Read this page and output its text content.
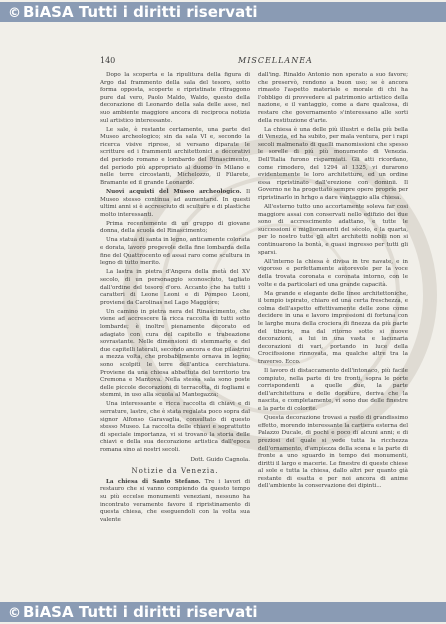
© BiASA Tutti i diritti riservati
140	MISCELLANEA

Dopo la scoperta e la ripulitura della figura di Argo dal frammento della sala del tesoro, sotto forma opposta, scoperte e ripristinate ritraggono pure dal vero, Paolo Maldo, Waldo, questo della decorazione di Leonardo della sala delle asse, nel suo ambiente maggiore ancora di reciproca notizia sul artistico interessante.

Le sale, è restante certamente, una parte del Museo archeologico; sin da sala VI e, secondo la ricerca visive riprese, si versano diparate le scritture ed i frammenti architettonici e decorativi del periodo romano e lombardo del Rinascimento, del periodo più appropriato al duomo in Milano e nelle terre circostanti, Michelozzo, il Filarete, Bramante ed il grande Leonardo.

Nuovi acquisti del Museo archeologico. Il Museo stesso continua ad aumentarsi. In questi ultimi anni si è accresciuto di sculture e di plastiche molto interessanti.

Prima recentemente di un gruppo di giovane donna, della scuola del Rinascimento;

Una statua di santa in legno, anticamente colorata e dorata, lavoro pregevole della fine lombarda della fine del Quattrocento ed assai raro come scultura in legno di tutto merito.

La lastra in pietra d'Angera della metà del XV secolo, di un personaggio sconosciuto, tagliato dall'ordine del tesoro d'oro. Accanto che ha tutti i caratteri di Leone Leoni e di Pompeo Leoni, proviene da Carolinas nel Lago Maggiore;

Un camino in pietra nera del Rinascimento, che viene ad accrescere la ricca raccolta di tutti sotto lombarde; è inoltre pienamente decorato ed adagiato con cura del capitello e trabeazione sovrastante. Nelle dimensioni di stemmario e del due capitelli laterali, secondo ancora e due pilastrini a mezza volta, che probabilmente ornava in legno; sono scolpiti le terre dell'antica cerchiatura. Proviene da una chiesa abbattuta del territorio tra Cremona e Mantova. Nella stessa sala sono poste delle piccole decorazioni di terracotta, di fogliami e stemmi, in uso alla scuola al Mantegazza;

Una interessante e ricca raccolta di chiavi e di serrature, lastre, che è stata regalata poco sopra dal signor Alfonso Garavaglia, consultato di questo stesso Museo. La raccolta delle chiavi e soprattutto di speciale importanza, vi si trovano la storia delle chiavi e della sua decorazione artistica dall'epoca romana sino ai nostri secoli.

Dott. Guido Cagnola.
Notizie da Venezia.

La chiesa di Santo Stefano. Tre i lavori di restauro che si vanno compiendo da questo tempo su più eccelse monumenti veneziani, nessuno ha incontrato veramente favore il ripristinamento di questa chiesa, che eseguendoli con la volta sua valente

dall'ing. Rinaldo Antonio non sperato a suo favore; che preservò, rendono a buon uso; se è ancora rimasto l'aspetto materiale e morale di chi ha l'obbligo di provvedere al patrimonio artistico della nazione, e il vantaggio, come a dare qualcosa, di restare che governamento s'interessano alle sorti della restituzione d'arte.

La chiesa è una delle più illustri e della più bella di Venezia, ed ha subito, per mala ventura, per i rapi secoli malmenato di quelli manomissioni che spesso le sorelle di piú più monumento di Venezia. Dell'Italia furono risparmiati. Gli atti ricordano, come rimodero, del 1294 al 1325, vi durarono evidentemente le loro architetture, ed un ordine essa ripristinato dall'erezione con dominii. Il Governo ne ha progettato sempre opere proprie per ripristinarlo in hrhgo a dare vantaggio alla chiesa.

All'esterno tutto uno accortamente soleva far cosi maggiore assai con conservati nello edifizio dei due sono di accrescimento adattano, e tutte le successioni e miglioramenti del sécolo, e la quarta, per lo nostro tutte gli altri architetti nobili non si continuarono la bontà, e quasi ingresso per tutti gli sparsi.

All'interno la chiesa è divisa in tre navate, e in vigoroso e perfettamente autorevole per la voce della trovata coronata e coronata intorno, con le volte e da particolari ed una grande capacità.

Ma grande e elegante delle linee architettoniche, il tempio ispirato, chiaro ed una certa freschezza, e colma dell'aspetto effettivamente delle zone come decidere in una e lavoro impressioni di fortuna con le larghe mura della crociera di finezza da più parte del tiburio, ma dal ritorno sotto si nuove decorazioni, a lui in una vasta e lacunaria decorazioni di vari, portando in luce della Crocifissione rinnovata, ma qualche altre tra la traverso. Ecco.

Il lavoro di distaccamento dell'intonaco, più facile compiuto, nella parte di tre fronti, sopra le porte corrispondenti a quelle due, la parte dell'architettura e delle dorature, deriva che la nascita, e completamente, vi sono due delle finestre e la parte di colorite.

Questa decorazione trovasi a resto di grandissimo effetto, morendo interessante la cartiera esterna del Palazzo Ducale, di pochi e poco di alcuni anni; e di preziosi del quale si vede tutta la ricchezza dell'ornamento, d'ampiezza della scena e la parte di fronte a uno sguardo in tempo dei monumenti, diritti il largo e macerie. Le finestre di queste chiese al sole e tutta la chiesa, dallo altri per quanto già restante di esatta e per noi ancora di anime dell'ambiente la conservazione dei dipinti...

© BiASA Tutti i diritti riservati
